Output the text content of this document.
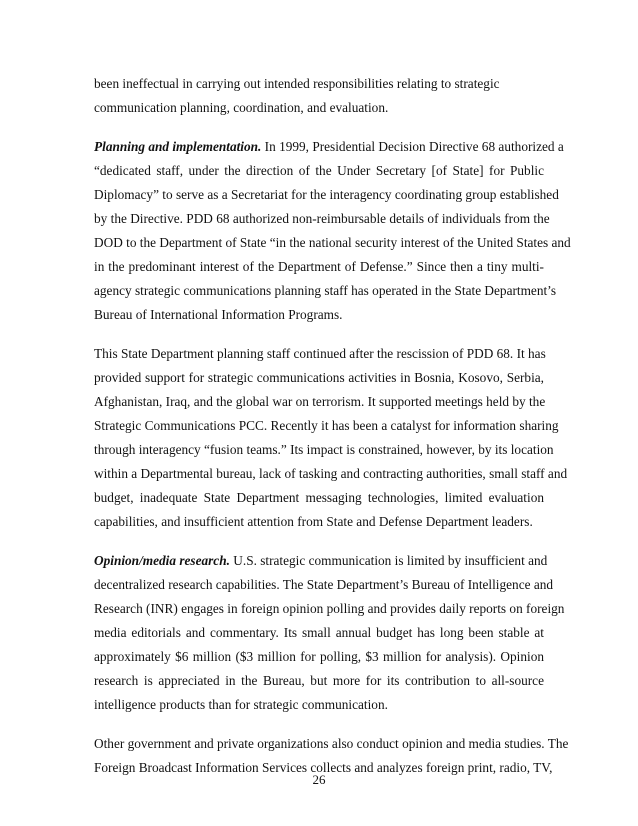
been ineffectual in carrying out intended responsibilities relating to strategic

communication planning, coordination, and evaluation.

Planning and implementation. In 1999, Presidential Decision Directive 68 authorized a

“dedicated staff, under the direction of the Under Secretary [of State] for Public

Diplomacy” to serve as a Secretariat for the interagency coordinating group established

by the Directive. PDD 68 authorized non-reimbursable details of individuals from the

DOD to the Department of State “in the national security interest of the United States and

in the predominant interest of the Department of Defense.” Since then a tiny multi-

agency strategic communications planning staff has operated in the State Department’s

Bureau of International Information Programs.

This State Department planning staff continued after the rescission of PDD 68. It has

provided support for strategic communications activities in Bosnia, Kosovo, Serbia,

Afghanistan, Iraq, and the global war on terrorism. It supported meetings held by the

Strategic Communications PCC. Recently it has been a catalyst for information sharing

through interagency “fusion teams.” Its impact is constrained, however, by its location

within a Departmental bureau, lack of tasking and contracting authorities, small staff and

budget, inadequate State Department messaging technologies, limited evaluation

capabilities, and insufficient attention from State and Defense Department leaders.

Opinion/media research. U.S. strategic communication is limited by insufficient and

decentralized research capabilities. The State Department’s Bureau of Intelligence and

Research (INR) engages in foreign opinion polling and provides daily reports on foreign

media editorials and commentary. Its small annual budget has long been stable at

approximately $6 million ($3 million for polling, $3 million for analysis). Opinion

research is appreciated in the Bureau, but more for its contribution to all-source

intelligence products than for strategic communication.

Other government and private organizations also conduct opinion and media studies. The

Foreign Broadcast Information Services collects and analyzes foreign print, radio, TV,

26
